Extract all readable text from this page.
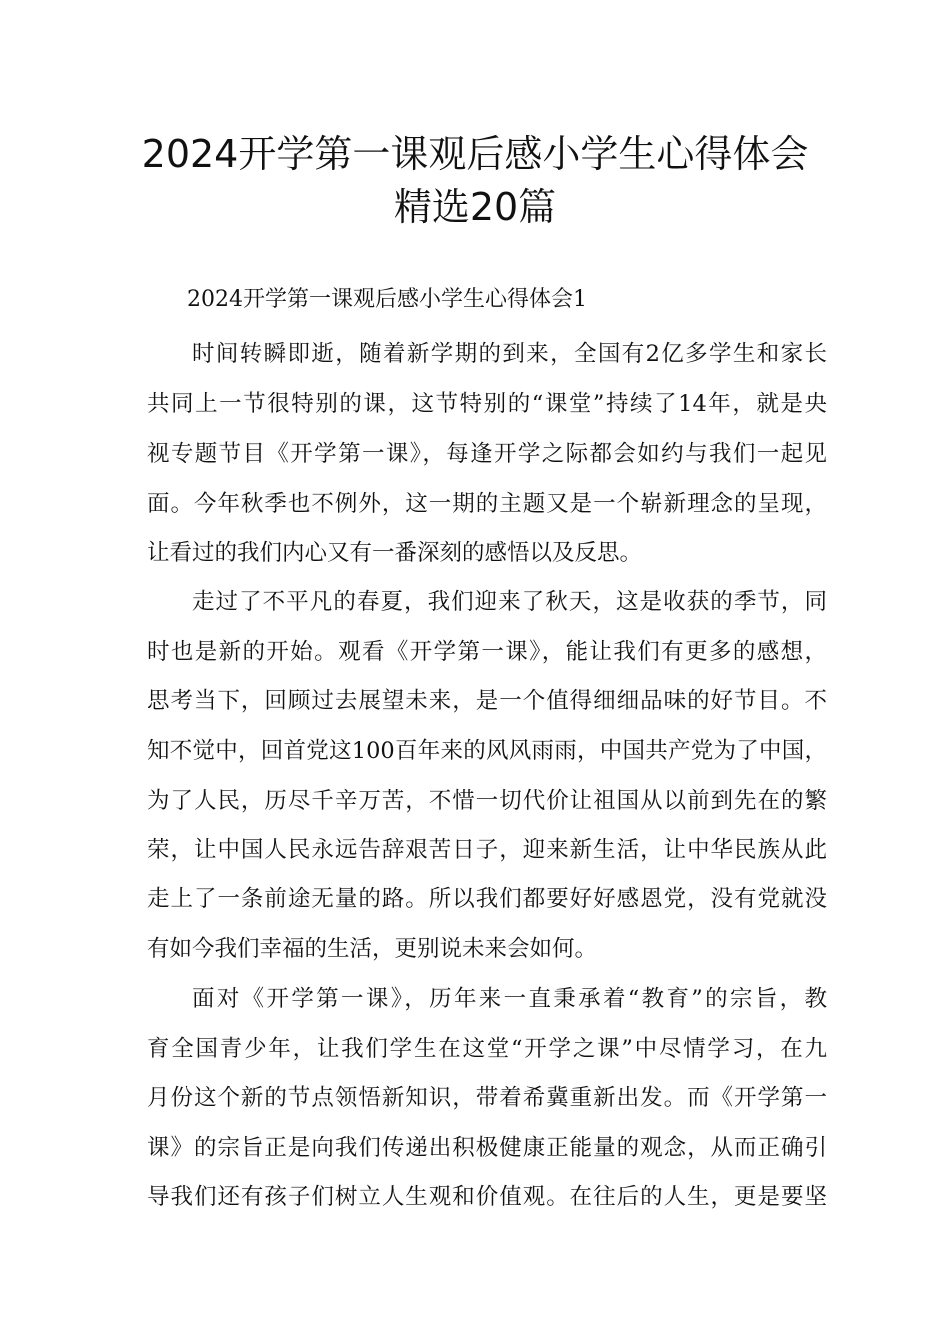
2024开学第一课观后感小学生心得体会
精选20篇
2024开学第一课观后感小学生心得体会1
时间转瞬即逝，随着新学期的到来，全国有2亿多学生和家长
共同上一节很特别的课，这节特别的“课堂”持续了14年，就是央
视专题节目《开学第一课》，每逢开学之际都会如约与我们一起见
面。今年秋季也不例外，这一期的主题又是一个崭新理念的呈现，
让看过的我们内心又有一番深刻的感悟以及反思。
走过了不平凡的春夏，我们迎来了秋天，这是收获的季节，同
时也是新的开始。观看《开学第一课》，能让我们有更多的感想，
思考当下，回顾过去展望未来，是一个值得细细品味的好节目。不
知不觉中，回首党这100百年来的风风雨雨，中国共产党为了中国，
为了人民，历尽千辛万苦，不惜一切代价让祖国从以前到先在的繁
荣，让中国人民永远告辞艰苦日子，迎来新生活，让中华民族从此
走上了一条前途无量的路。所以我们都要好好感恩党，没有党就没
有如今我们幸福的生活，更别说未来会如何。
面对《开学第一课》，历年来一直秉承着“教育”的宗旨，教
育全国青少年，让我们学生在这堂“开学之课”中尽情学习，在九
月份这个新的节点领悟新知识，带着希冀重新出发。而《开学第一
课》的宗旨正是向我们传递出积极健康正能量的观念，从而正确引
导我们还有孩子们树立人生观和价值观。在往后的人生，更是要坚
